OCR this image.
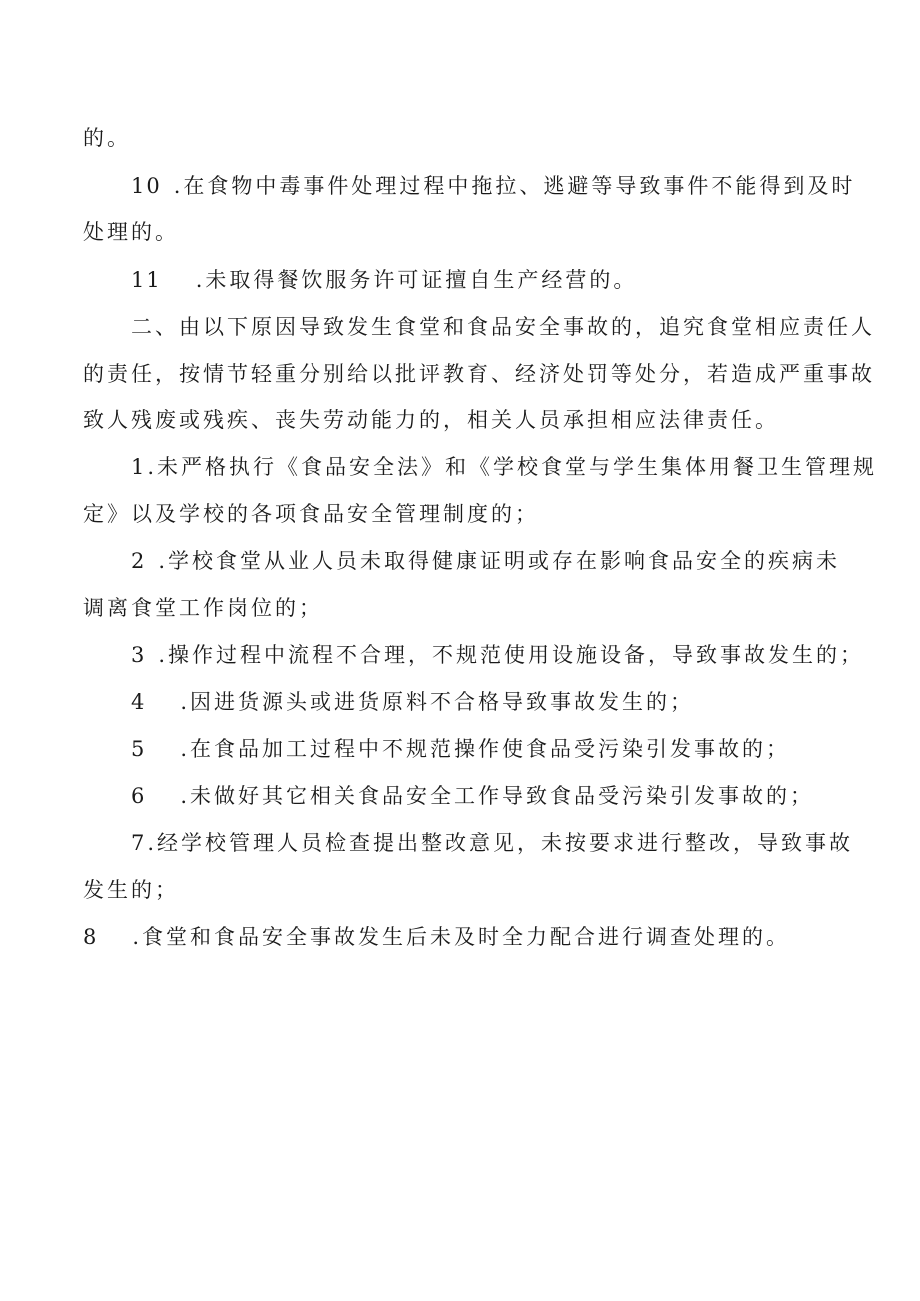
的。
10 .在食物中毒事件处理过程中拖拉、逃避等导致事件不能得到及时
处理的。
11 .未取得餐饮服务许可证擅自生产经营的。
二、由以下原因导致发生食堂和食品安全事故的，追究食堂相应责任人
的责任，按情节轻重分别给以批评教育、经济处罚等处分，若造成严重事故
致人残废或残疾、丧失劳动能力的，相关人员承担相应法律责任。
1.未严格执行《食品安全法》和《学校食堂与学生集体用餐卫生管理规
定》以及学校的各项食品安全管理制度的；
2 .学校食堂从业人员未取得健康证明或存在影响食品安全的疾病未
调离食堂工作岗位的；
3 .操作过程中流程不合理，不规范使用设施设备，导致事故发生的；
4 .因进货源头或进货原料不合格导致事故发生的；
5 .在食品加工过程中不规范操作使食品受污染引发事故的；
6 .未做好其它相关食品安全工作导致食品受污染引发事故的；
7.经学校管理人员检查提出整改意见，未按要求进行整改，导致事故
发生的；
8 .食堂和食品安全事故发生后未及时全力配合进行调查处理的。
